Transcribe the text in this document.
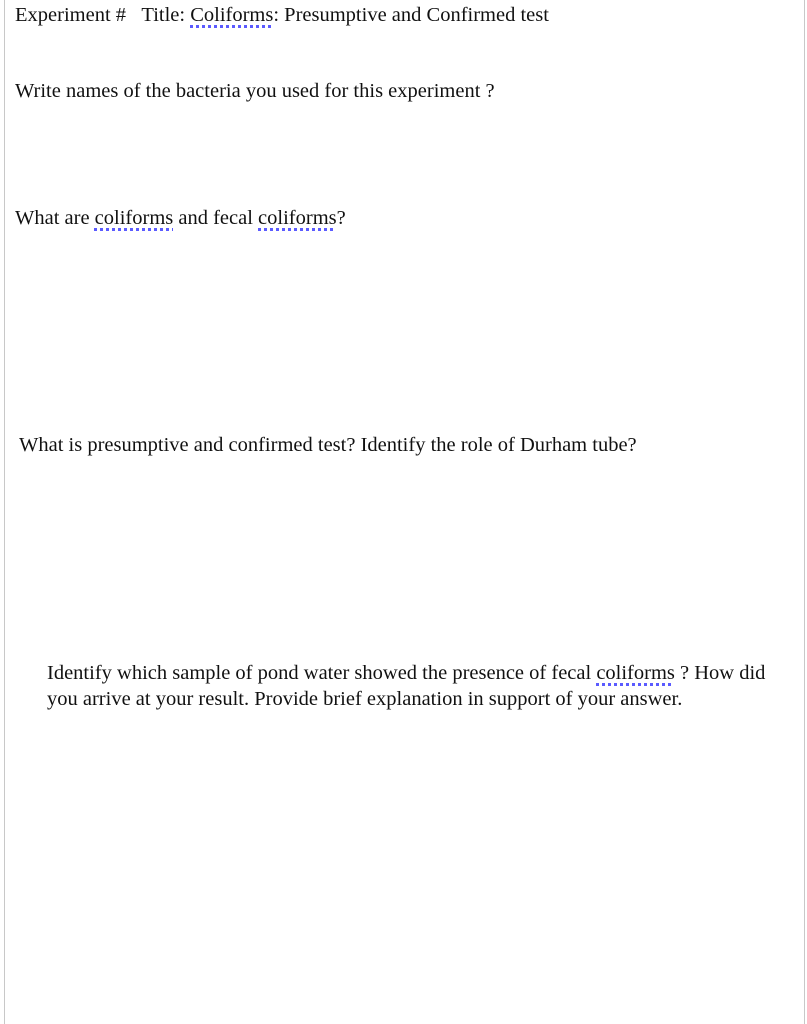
Experiment # Title: Coliforms: Presumptive and Confirmed test
Write names of the bacteria you used for this experiment ?
What are coliforms and fecal coliforms?
What is presumptive and confirmed test? Identify the role of Durham tube?
Identify which sample of pond water showed the presence of fecal coliforms ? How did you arrive at your result. Provide brief explanation in support of your answer.
